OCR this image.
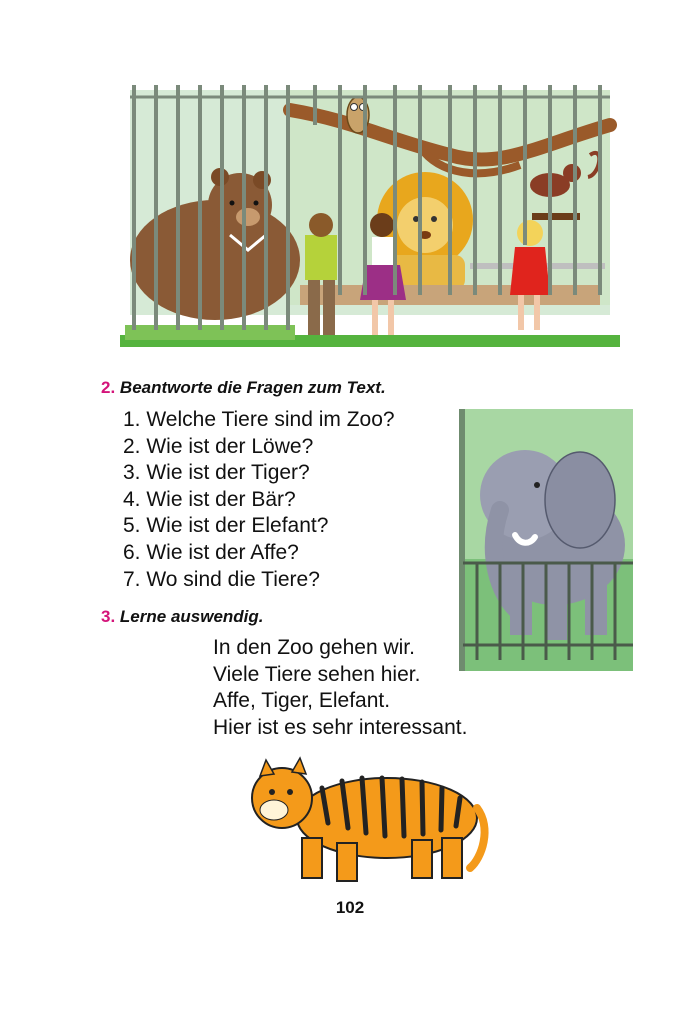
2. Beantworte die Fragen zum Text.
1. Welche Tiere sind im Zoo?
2. Wie ist der Löwe?
3. Wie ist der Tiger?
4. Wie ist der Bär?
5. Wie ist der Elefant?
6. Wie ist der Affe?
7. Wo sind die Tiere?
3. Lerne auswendig.
In den Zoo gehen wir.
Viele Tiere sehen hier.
Affe, Tiger, Elefant.
Hier ist es sehr interessant.
102
